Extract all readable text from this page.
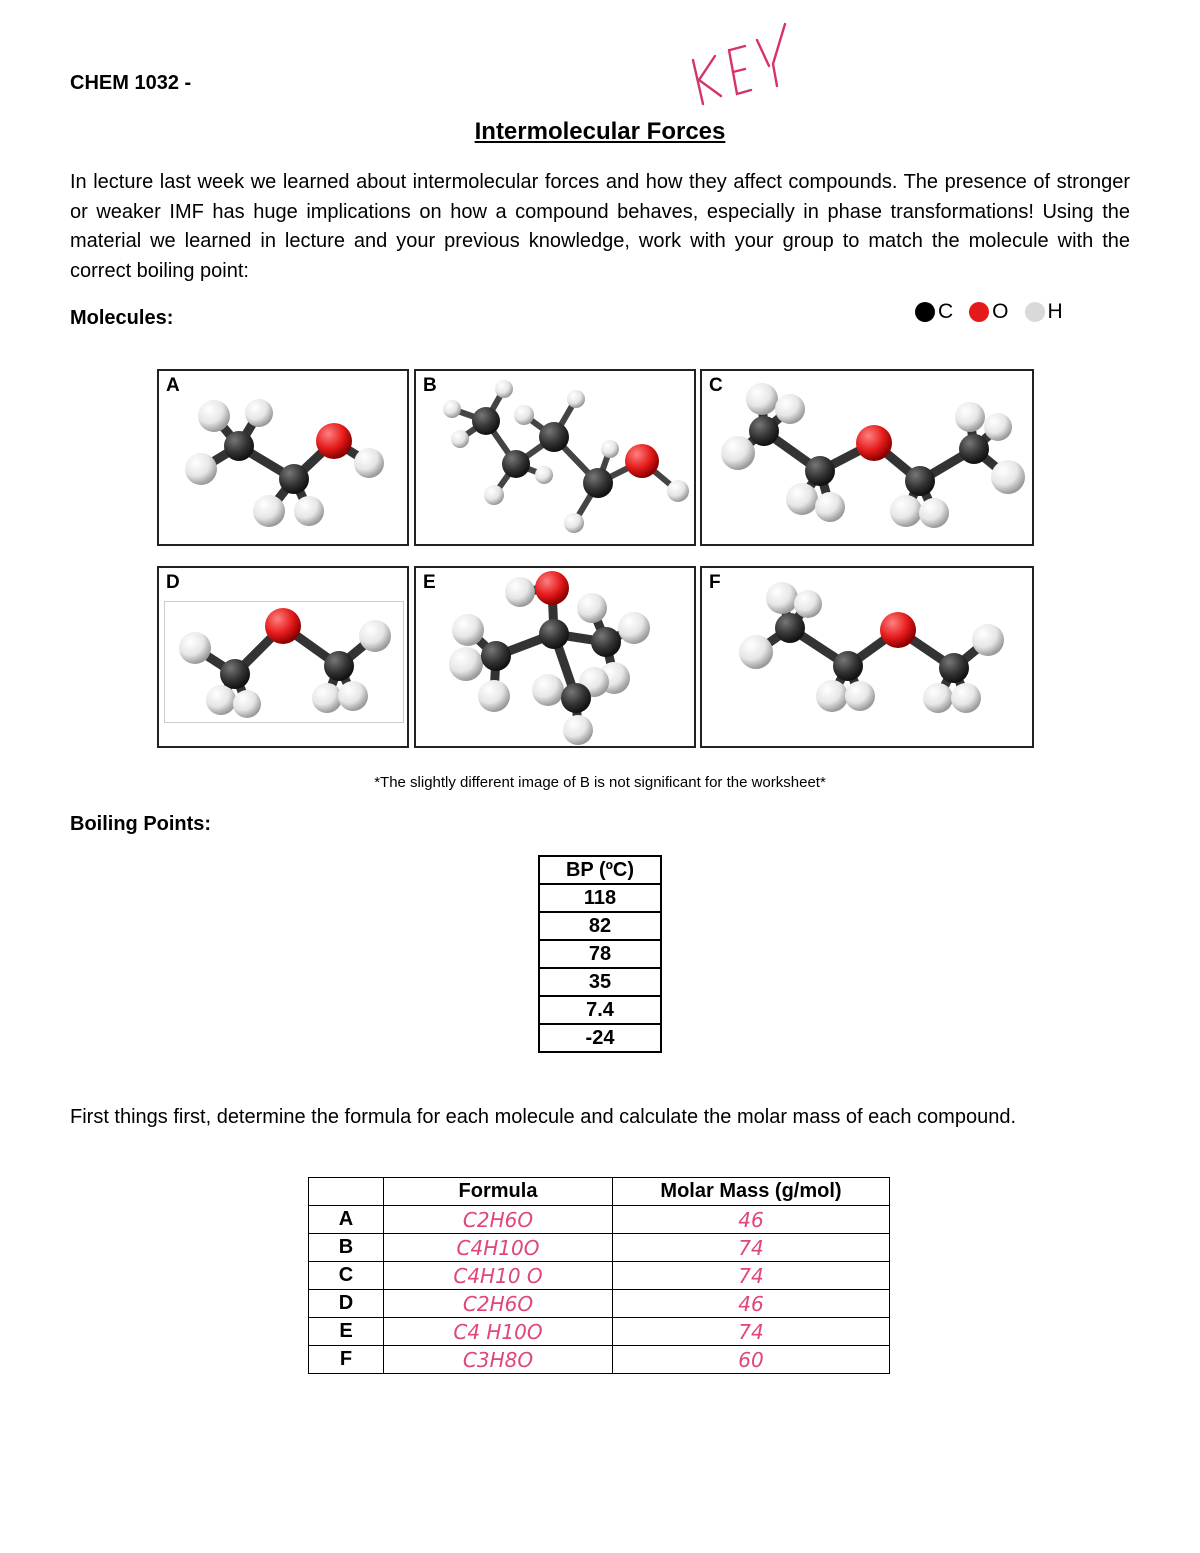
CHEM 1032 -
Intermolecular Forces
In lecture last week we learned about intermolecular forces and how they affect compounds. The presence of stronger or weaker IMF has huge implications on how a compound behaves, especially in phase transformations! Using the material we learned in lecture and your previous knowledge, work with your group to match the molecule with the correct boiling point:
Molecules:	C O H
A	B	C
D	E	F
*The slightly different image of B is not significant for the worksheet*
Boiling Points:
BP (ºC)
118
82
78
35
7.4
-24
First things first, determine the formula for each molecule and calculate the molar mass of each compound.
	Formula	Molar Mass (g/mol)
A	C2H6O	46
B	C4H10O	74
C	C4H10 O	74
D	C2H6O	46
E	C4 H10O	74
F	C3H8O	60
